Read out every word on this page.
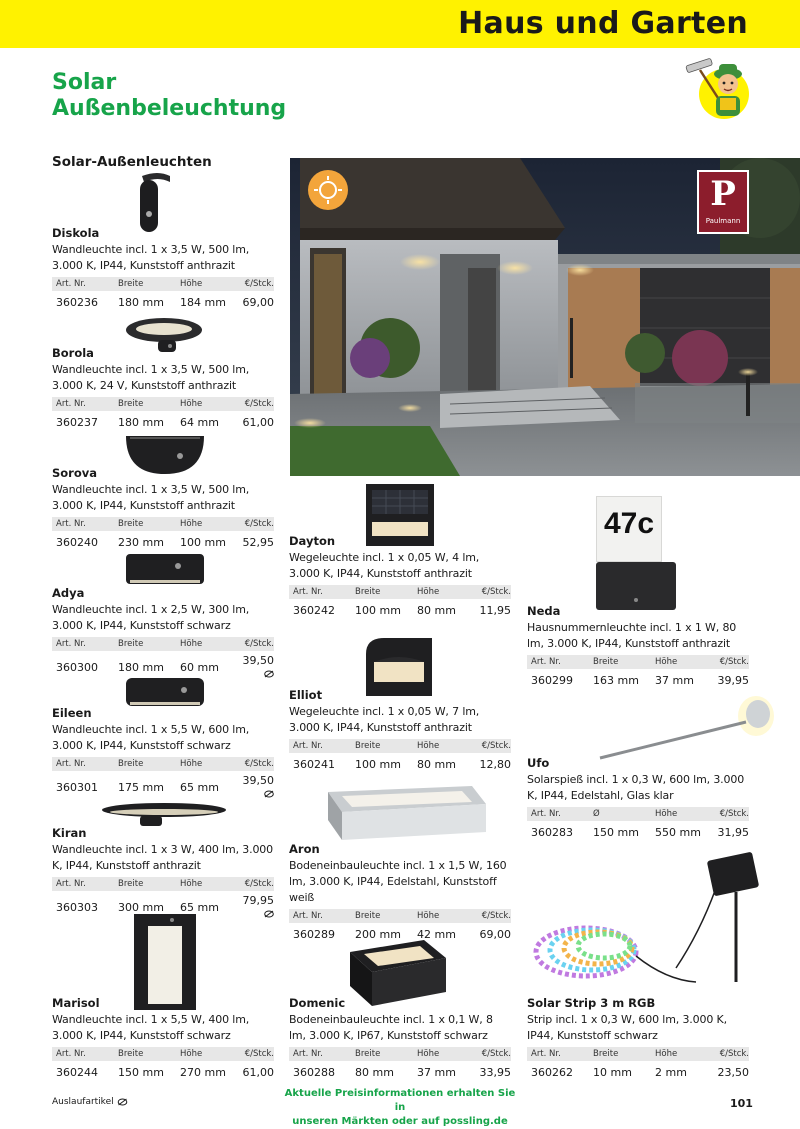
Haus und Garten
Solar
Außenbeleuchtung
Solar-Außenleuchten
P
Paulmann
47c
Diskola
Wandleuchte incl. 1 x 3,5 W, 500 lm, 3.000 K, IP44, Kunststoff anthrazit
Art. Nr.	Breite	Höhe	€/Stck.
360236	180 mm	184 mm	69,00
Borola
Wandleuchte incl. 1 x 3,5 W, 500 lm, 3.000 K, 24 V, Kunststoff anthrazit
Art. Nr.	Breite	Höhe	€/Stck.
360237	180 mm	64 mm	61,00
Sorova
Wandleuchte incl. 1 x 3,5 W, 500 lm, 3.000 K, IP44, Kunststoff anthrazit
Art. Nr.	Breite	Höhe	€/Stck.
360240	230 mm	100 mm	52,95
Adya
Wandleuchte incl. 1 x 2,5 W, 300 lm, 3.000 K, IP44, Kunststoff schwarz
Art. Nr.	Breite	Höhe	€/Stck.
360300	180 mm	60 mm	39,50
Eileen
Wandleuchte incl. 1 x 5,5 W, 600 lm, 3.000 K, IP44, Kunststoff schwarz
Art. Nr.	Breite	Höhe	€/Stck.
360301	175 mm	65 mm	39,50
Kiran
Wandleuchte incl. 1 x 3 W, 400 lm, 3.000 K, IP44, Kunststoff anthrazit
Art. Nr.	Breite	Höhe	€/Stck.
360303	300 mm	65 mm	79,95
Marisol
Wandleuchte incl. 1 x 5,5 W, 400 lm, 3.000 K, IP44, Kunststoff schwarz
Art. Nr.	Breite	Höhe	€/Stck.
360244	150 mm	270 mm	61,00
Dayton
Wegeleuchte incl. 1 x 0,05 W, 4 lm, 3.000 K, IP44, Kunststoff anthrazit
Art. Nr.	Breite	Höhe	€/Stck.
360242	100 mm	80 mm	11,95
Elliot
Wegeleuchte incl. 1 x 0,05 W, 7 lm, 3.000 K, IP44, Kunststoff anthrazit
Art. Nr.	Breite	Höhe	€/Stck.
360241	100 mm	80 mm	12,80
Aron
Bodeneinbauleuchte incl. 1 x 1,5 W, 160 lm, 3.000 K, IP44, Edelstahl, Kunststoff weiß
Art. Nr.	Breite	Höhe	€/Stck.
360289	200 mm	42 mm	69,00
Domenic
Bodeneinbauleuchte incl. 1 x 0,1 W, 8 lm, 3.000 K, IP67, Kunststoff schwarz
Art. Nr.	Breite	Höhe	€/Stck.
360288	80 mm	37 mm	33,95
Neda
Hausnummernleuchte incl. 1 x 1 W, 80 lm, 3.000 K, IP44, Kunststoff anthrazit
Art. Nr.	Breite	Höhe	€/Stck.
360299	163 mm	37 mm	39,95
Ufo
Solarspieß incl. 1 x 0,3 W, 600 lm, 3.000 K, IP44, Edelstahl, Glas klar
Art. Nr.	Ø	Höhe	€/Stck.
360283	150 mm	550 mm	31,95
Solar Strip 3 m RGB
Strip incl. 1 x 0,3 W, 600 lm, 3.000 K, IP44, Kunststoff schwarz
Art. Nr.	Breite	Höhe	€/Stck.
360262	10 mm	2 mm	23,50
Auslaufartikel
Aktuelle Preisinformationen erhalten Sie in
unseren Märkten oder auf possling.de
101
